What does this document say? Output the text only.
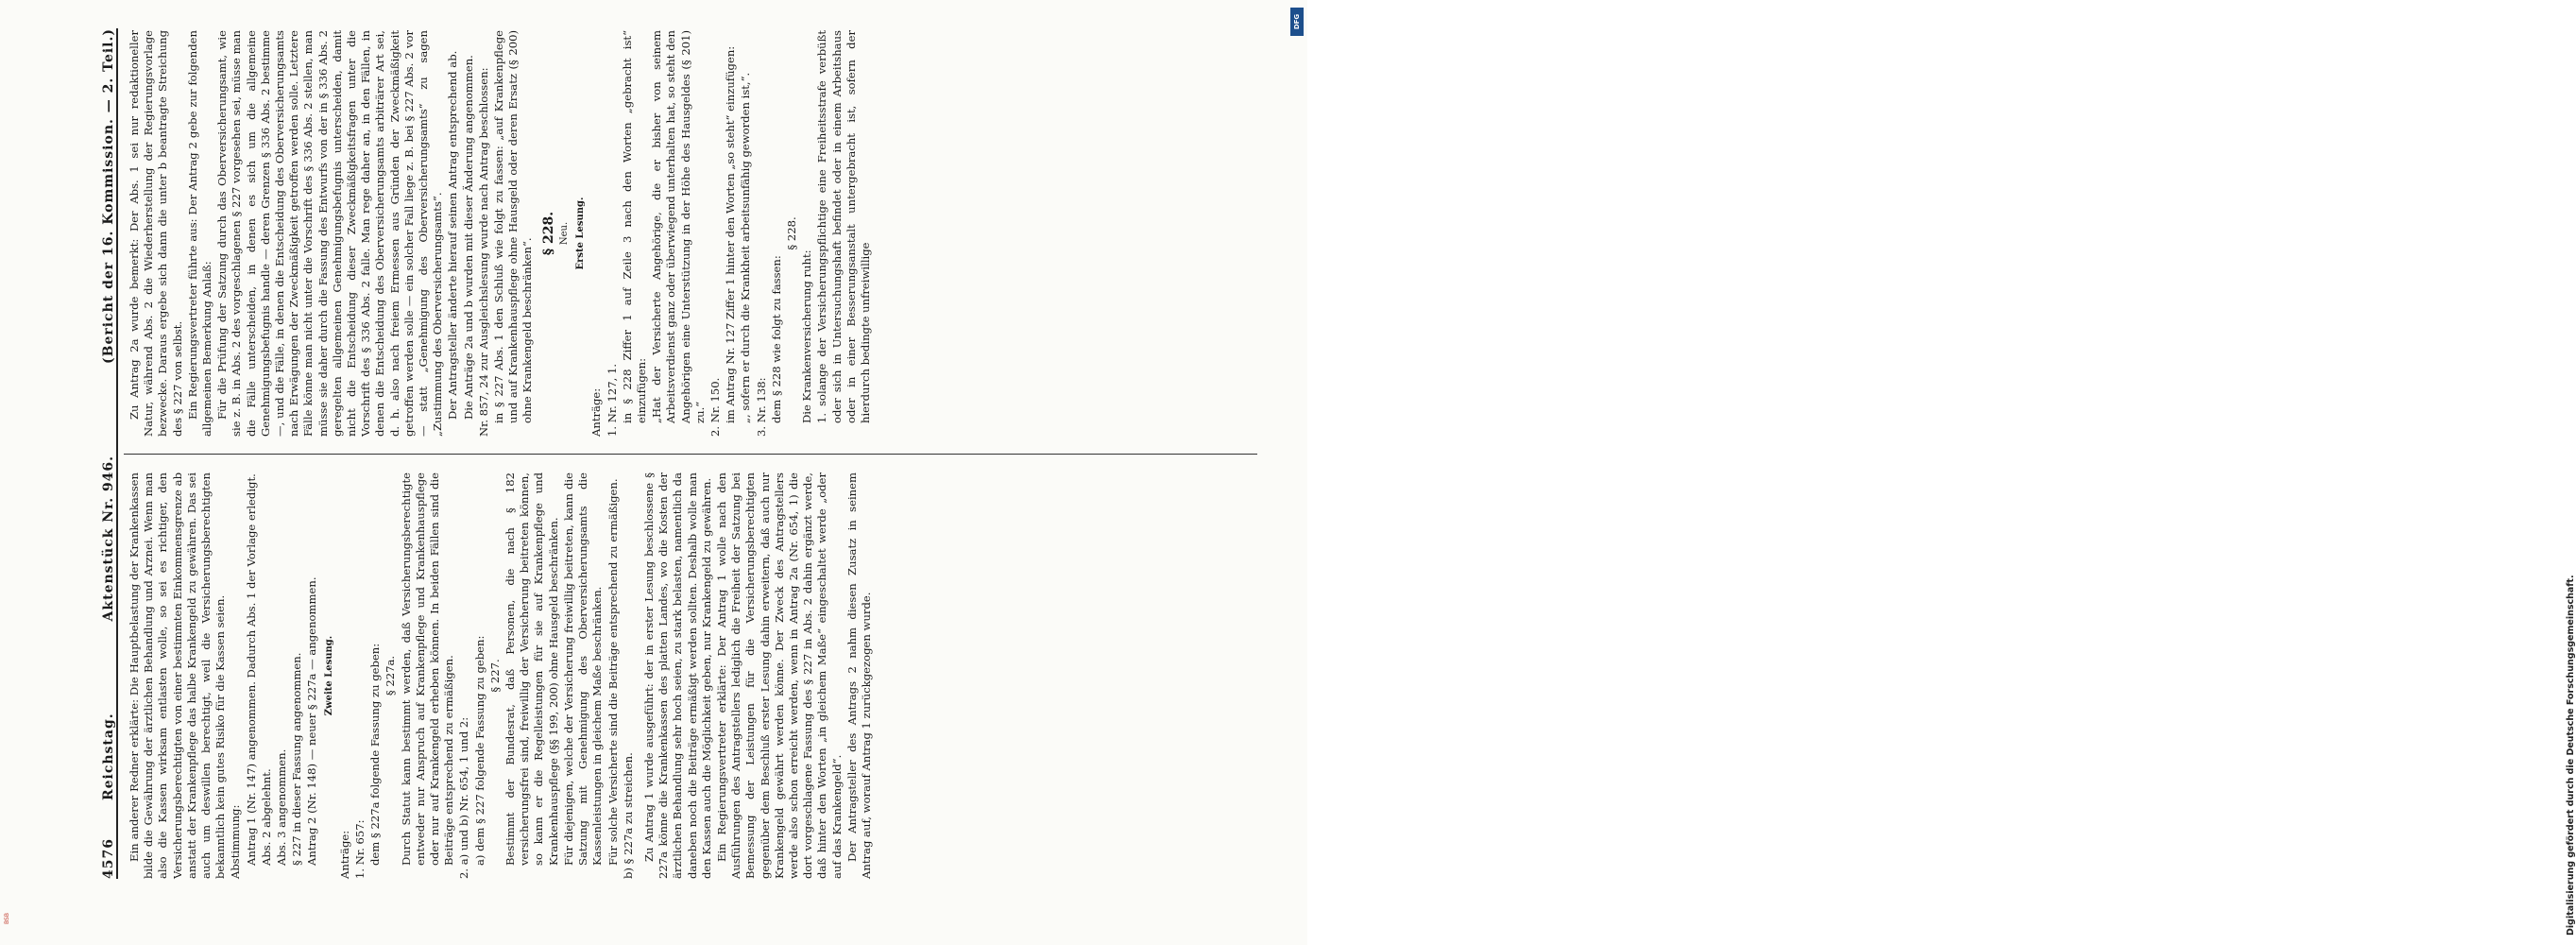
4576
Reichstag.
Aktenstück Nr. 946.
(Bericht der 16. Kommission. — 2. Teil.)

Ein anderer Redner erklärte: Die Hauptbelastung der Krankenkassen bilde die Gewährung der ärztlichen Behandlung und Arznei. Wenn man also die Kassen wirksam entlasten wolle, so sei es richtiger, den Versicherungsberechtigten von einer bestimmten Einkommensgrenze ab anstatt der Krankenpflege das halbe Krankengeld zu gewähren. Das sei auch um deswillen berechtigt, weil die Versicherungsberechtigten bekanntlich kein gutes Risiko für die Kassen seien. Abstimmung: Antrag 1 (Nr. 147) angenommen. Dadurch Abs. 1 der Vorlage erledigt. Abs. 2 abgelehnt. Abs. 3 angenommen. § 227 in dieser Fassung angenommen. Antrag 2 (Nr. 148) — neuer § 227a — angenommen. Zweite Lesung.

Anträge: 1. Nr. 657: dem § 227a folgende Fassung zu geben: § 227a. Durch Statut kann bestimmt werden, daß Versicherungsberechtigte entweder nur Anspruch auf Krankenpflege und Krankenhauspflege oder nur auf Krankengeld erheben können. In beiden Fällen sind die Beiträge entsprechend zu ermäßigen. 2. a) und b) Nr. 654, 1 und 2: a) dem § 227 folgende Fassung zu geben: § 227. Bestimmt der Bundesrat, daß Personen, die nach § 182 versicherungsfrei sind, freiwillig der Versicherung beitreten können, so kann er die Regelleistungen für sie auf Krankenpflege und Krankenhauspflege (§§ 199, 200) ohne Hausgeld beschränken. Für diejenigen, welche der Versicherung freiwillig beitreten, kann die Satzung mit Genehmigung des Oberversicherungsamts die Kassenleistungen in gleichem Maße beschränken. Für solche Versicherte sind die Beiträge entsprechend zu ermäßigen. b) § 227a zu streichen. Zu Antrag 1 wurde ausgeführt: der in erster Lesung beschlossene § 227a könne die Krankenkassen des platten Landes, wo die Kosten der ärztlichen Behandlung sehr hoch seien, zu stark belasten, namentlich da daneben noch die Beiträge ermäßigt werden sollten. Deshalb wolle man den Kassen auch die Möglichkeit geben, nur Krankengeld zu gewähren. Ein Regierungsvertreter erklärte: Der Antrag 1 wolle nach den Ausführungen des Antragstellers lediglich die Freiheit der Satzung bei Bemessung der Leistungen für die Versicherungsberechtigten gegenüber dem Beschluß erster Lesung dahin erweitern, daß auch nur Krankengeld gewährt werden könne. Der Zweck des Antragstellers werde also schon erreicht werden, wenn in Antrag 2a (Nr. 654, 1) die dort vorgeschlagene Fassung des § 227 in Abs. 2 dahin ergänzt werde, daß hinter den Worten „in gleichem Maße“ eingeschaltet werde „oder auf das Krankengeld“. Der Antragsteller des Antrags 2 nahm diesen Zusatz in seinem Antrag auf, worauf Antrag 1 zurückgezogen wurde.

Zu Antrag 2a wurde bemerkt: Der Abs. 1 sei nur redaktioneller Natur, während Abs. 2 die Wiederherstellung der Regierungsvorlage bezwecke. Daraus ergebe sich dann die unter b beantragte Streichung des § 227 von selbst. Ein Regierungsvertreter führte aus: Der Antrag 2 gebe zur folgenden allgemeinen Bemerkung Anlaß: Für die Prüfung der Satzung durch das Oberversicherungsamt, wie sie z. B. in Abs. 2 des vorgeschlagenen § 227 vorgesehen sei, müsse man die Fälle unterscheiden, in denen es sich um die allgemeine Genehmigungsbefugnis handle — deren Grenzen § 336 Abs. 2 bestimme —, und die Fälle, in denen die Entscheidung des Oberversicherungsamts nach Erwägungen der Zweckmäßigkeit getroffen werden solle. Letztere Fälle könne man nicht unter die Vorschrift des § 336 Abs. 2 stellen, man müsse sie daher durch die Fassung des Entwurfs von der in § 336 Abs. 2 geregelten allgemeinen Genehmigungsbefugnis unterscheiden, damit nicht die Entscheidung dieser Zweckmäßigkeitsfragen unter die Vorschrift des § 336 Abs. 2 falle. Man rege daher an, in den Fällen, in denen die Entscheidung des Oberversicherungsamts arbiträrer Art sei, d. h. also nach freiem Ermessen aus Gründen der Zweckmäßigkeit getroffen werden solle — ein solcher Fall liege z. B. bei § 227 Abs. 2 vor — statt „Genehmigung des Oberversicherungsamts“ zu sagen „Zustimmung des Oberversicherungsamts“. Der Antragsteller änderte hierauf seinen Antrag entsprechend ab. Die Anträge 2a und b wurden mit dieser Änderung angenommen. Nr. 857, 24 zur Ausgleichslesung wurde nach Antrag beschlossen: in § 227 Abs. 1 den Schluß wie folgt zu fassen: „auf Krankenpflege und auf Krankenhauspflege ohne Hausgeld oder deren Ersatz (§ 200) ohne Krankengeld beschränken“.

§ 228. Neu. Erste Lesung.

Anträge: 1. Nr. 127, 1. in § 228 Ziffer 1 auf Zeile 3 nach den Worten „gebracht ist“ einzufügen: „Hat der Versicherte Angehörige, die er bisher von seinem Arbeitsverdienst ganz oder überwiegend unterhalten hat, so steht den Angehörigen eine Unterstützung in der Höhe des Hausgeldes (§ 201) zu.“ 2. Nr. 150. im Antrag Nr. 127 Ziffer 1 hinter den Worten „so steht“ einzufügen: „, sofern er durch die Krankheit arbeitsunfähig geworden ist,“. 3. Nr. 138: dem § 228 wie folgt zu fassen:

§ 228.

Die Krankenversicherung ruht: 1. solange der Versicherungspflichtige eine Freiheitsstrafe verbüßt oder sich in Untersuchungshaft befindet oder in einem Arbeitshaus oder in einer Besserungsanstalt untergebracht ist, sofern der hierdurch bedingte unfreiwillige

DFG
Digitalisierung gefördert durch die Deutsche Forschungsgemeinschaft.
BSB
